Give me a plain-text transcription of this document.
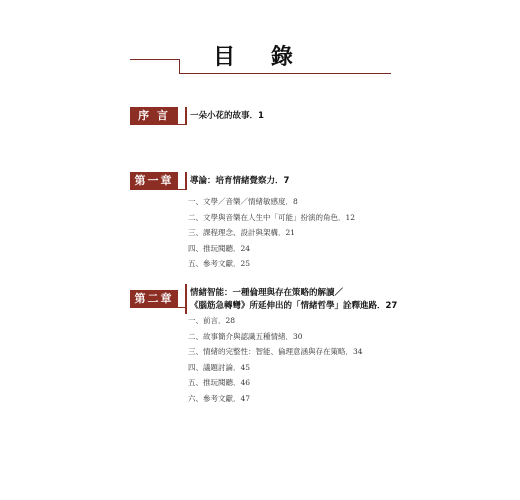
目 錄
序 言	一朵小花的故事．1
第一章	導論：培育情緒覺察力．7
一、文學／音樂／情緒敏感度．8
二、文學與音樂在人生中「可能」扮演的角色．12
三、課程理念、設計與架構．21
四、推玩閱聽．24
五、參考文獻．25
第二章	情緒智能：一種倫理與存在策略的解讀／
《腦筋急轉彎》所延伸出的「情緒哲學」詮釋進路．27
一、前言．28
二、故事簡介與認識五種情緒．30
三、情緒的完整性：智能、倫理意涵與存在策略．34
四、議題討論．45
五、推玩閱聽．46
六、參考文獻．47
